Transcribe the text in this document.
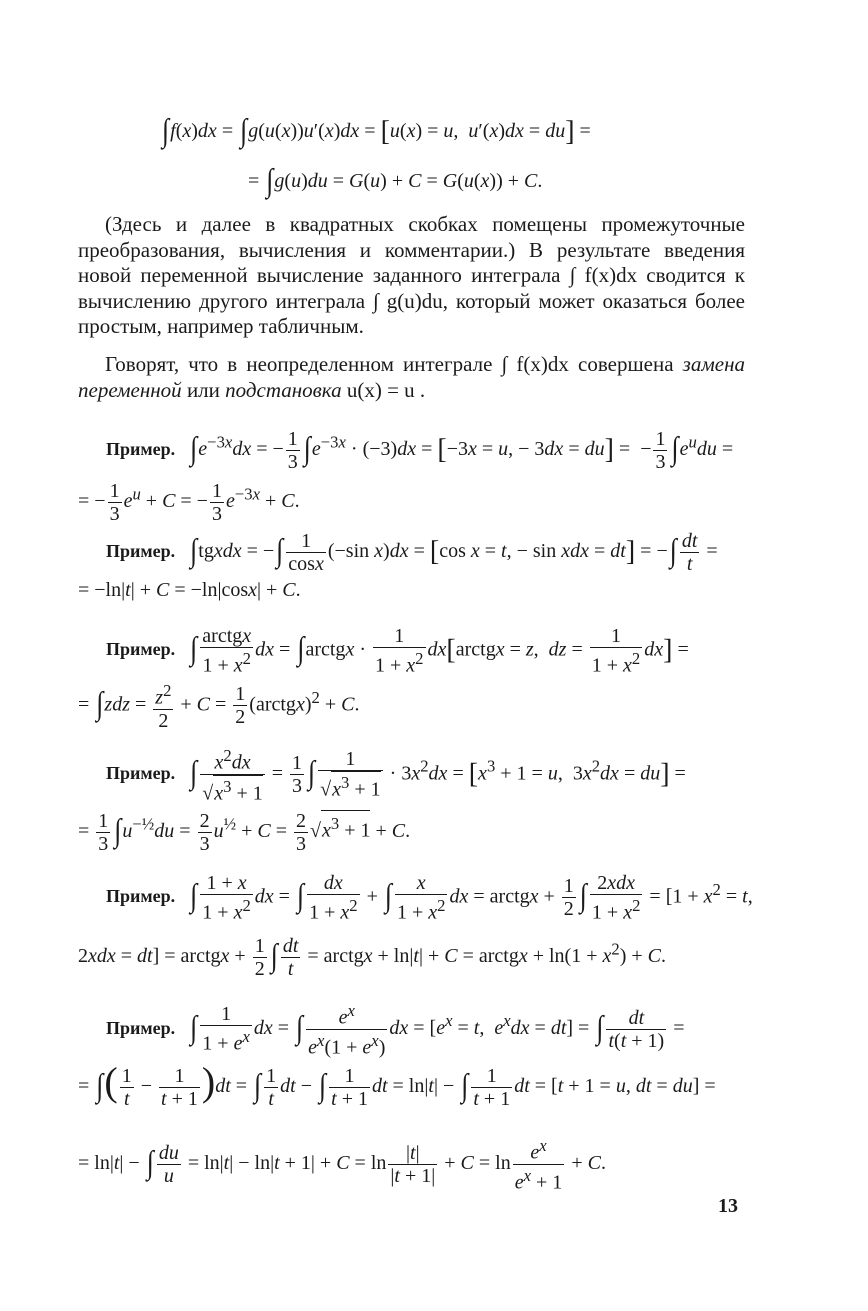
∫f(x)dx = ∫g(u(x))u′(x)dx = [u(x) = u,  u′(x)dx = du] =
= ∫g(u)du = G(u) + C = G(u(x)) + C.

(Здесь и далее в квадратных скобках помещены промежуточные преобразования, вычисления и комментарии.) В результате введения новой переменной вычисление заданного интеграла ∫ f(x)dx сводится к вычислению другого интеграла ∫ g(u)du, который может оказаться более простым, например табличным.

Говорят, что в неопределенном интеграле ∫ f(x)dx совершена замена переменной или подстановка u(x) = u .

Пример. $\int e^{-3x}dx$ = − $\frac{1}{3} \int e^{-3x} \cdot (-3)dx = [-3x = u$, − 3dx = du] =  − $\frac{1}{3} \int e^udu$ =
= − $\frac{1}{3} e^u + C$ = − $\frac{1}{3} e^{-3x} + C$.
Пример. ∫tgxdx = −∫ $\frac{1}{\cos x} (-\sin$ x)dx = [cos x = t, − sin xdx = dt] = −∫ $\frac{dt}{t}$ =
= −ln|t| + C = −ln|cosx| + C.
Пример. ∫ $\frac{\text{arctgx}}{1 + x^2}$ dx = ∫arctgx · $\frac{1}{1 + x^2}$ dx[arctgx = z,  dz = $\frac{1}{1 + x^2} dx$] =
= $\int zdz = \frac{z^2}{2} + C = \frac{1}{2}$ (arctgx)$^2$ + C.
Пример. ∫ $\frac{x^2dx}{√x^3 + 1} = \frac{1}{3}$ ∫ $\frac{1}{√x^3 + 1} \cdot 3x^2dx = [x^3 + 1 = u$,  $3x^2dx = du$] =
= $\frac{1}{3} \int u^{-\frac{1}{2}}du = \frac{2}{3} u^{\frac{1}{2}} + C = \frac{2}{3} √x^3 + 1 + C$.
Пример. ∫ $\frac{1 + x}{1 + x^2}$ dx = ∫ $\frac{dx}{1 + x^2}$ + ∫ $\frac{x}{1 + x^2}$ dx = arctgx + $\frac{1}{2}$ ∫ $\frac{\text{2xdx}}{1 + x^2} = [1 + x^2 = t$,
2xdx = dt] = arctgx + $\frac{1}{2}$ ∫ $\frac{dt}{t}$ = arctgx + ln|t| + C = arctgx + $\ln(1 + x^2) + C$.
Пример. ∫ $\frac{1}{1 + e^x}$ dx = ∫ $\frac{e^x}{e^x(1 + e^x)}$ dx = [$e^x = t$,  $e^xdx = dt$] = ∫ $\frac{dt}{t(t + 1)}$ =
= ∫( $\frac{1}{t} - \frac{1}{t + 1} )dt$ = ∫ $\frac{1}{t}$ dt − ∫ $\frac{1}{t + 1}$ dt = ln|t| − ∫ $\frac{1}{t + 1}$ dt = [t + 1 = u, dt = du] =
= ln|t| − ∫ $\frac{du}{u} = \ln|t| - \ln|t + 1| + C = \ln \frac{|t|}{|t + 1|} + C = \ln \frac{e^x}{e^x + 1} + C$.
13
